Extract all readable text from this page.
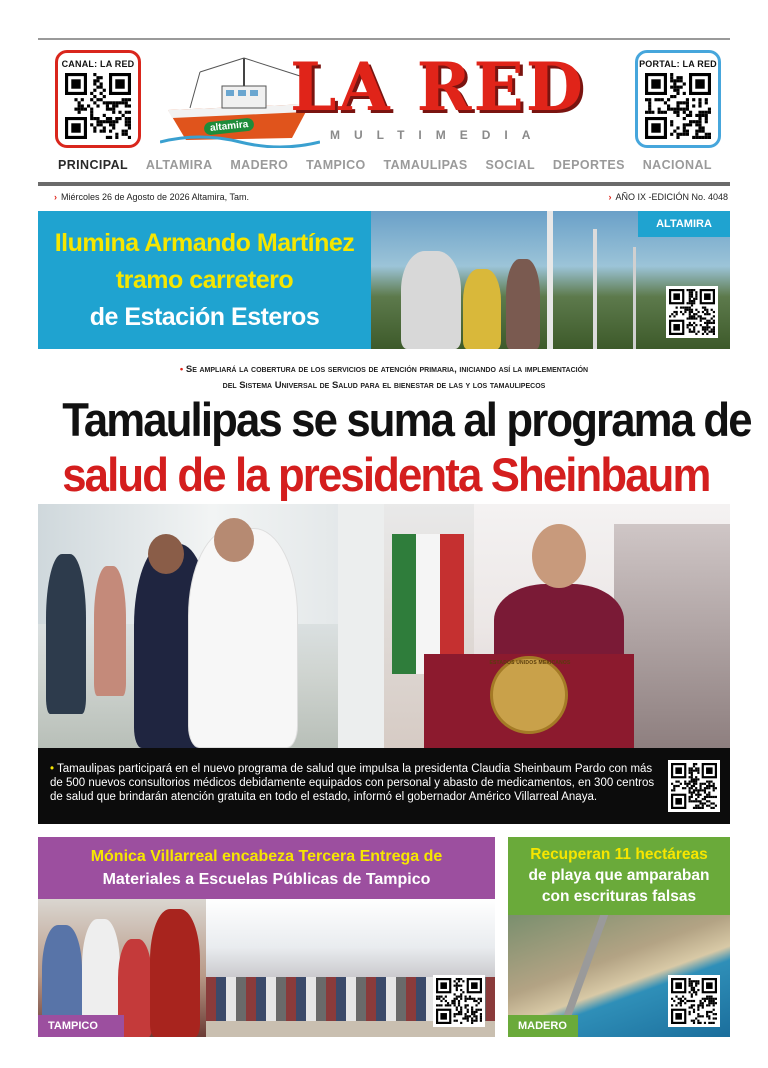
CANAL: LA RED
altamira
LA RED
MULTIMEDIA
PORTAL: LA RED
PRINCIPAL ALTAMIRA MADERO TAMPICO TAMAULIPAS SOCIAL DEPORTES NACIONAL
› Miércoles 26 de Agosto de 2026 Altamira, Tam.	› AÑO IX -EDICIÓN No. 4048
Ilumina Armando Martínez
tramo carretero
de Estación Esteros
ALTAMIRA
• Se ampliará la cobertura de los servicios de atención primaria, iniciando así la implementación
del Sistema Universal de Salud para el bienestar de las y los tamaulipecos
Tamaulipas se suma al programa de
salud de la presidenta Sheinbaum
ESTADOS UNIDOS MEXICANOS
• Tamaulipas participará en el nuevo programa de salud que impulsa la presidenta Claudia Sheinbaum Pardo con más de 500 nuevos consultorios médicos debidamente equipados con personal y abasto de medicamentos, en 300 centros de salud que brindarán atención gratuita en todo el estado, informó el gobernador Américo Villarreal Anaya.
Mónica Villarreal encabeza Tercera Entrega de
Materiales a Escuelas Públicas de Tampico
TAMPICO
Recuperan 11 hectáreas
de playa que amparaban
con escrituras falsas
MADERO
